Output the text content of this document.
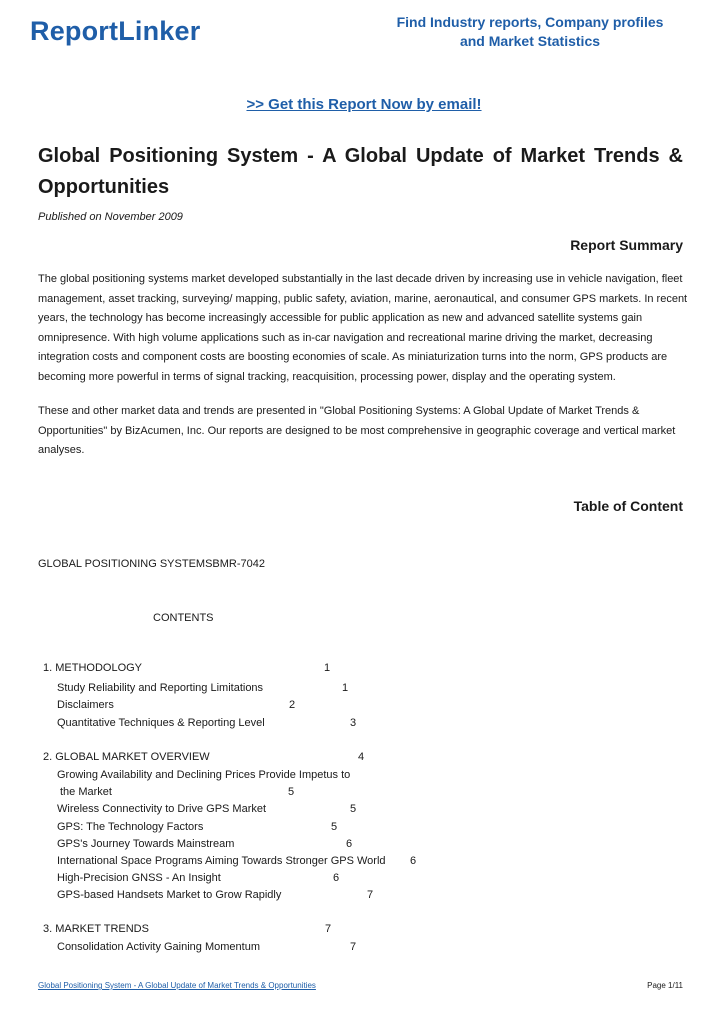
ReportLinker	Find Industry reports, Company profiles
and Market Statistics
>> Get this Report Now by email!
Global Positioning System - A Global Update of Market Trends & Opportunities
Published on November 2009
Report Summary
The global positioning systems market developed substantially in the last decade driven by increasing use in vehicle navigation, fleet management, asset tracking, surveying/ mapping, public safety, aviation, marine, aeronautical, and consumer GPS markets. In recent years, the technology has become increasingly accessible for public application as new and advanced satellite systems gain omnipresence. With high volume applications such as in-car navigation and recreational marine driving the market, decreasing integration costs and component costs are boosting economies of scale. As miniaturization turns into the norm, GPS products are becoming more powerful in terms of signal tracking, reacquisition, processing power, display and the operating system.
These and other market data and trends are presented in "Global Positioning Systems: A Global Update of Market Trends & Opportunities" by BizAcumen, Inc. Our reports are designed to be most comprehensive in geographic coverage and vertical market analyses.
Table of Content
GLOBAL POSITIONING SYSTEMSBMR-7042
CONTENTS
1. METHODOLOGY	1
Study Reliability and Reporting Limitations	1
Disclaimers	2
Quantitative Techniques & Reporting Level	3
2. GLOBAL MARKET OVERVIEW	4
Growing Availability and Declining Prices Provide Impetus to
the Market	5
Wireless Connectivity to Drive GPS Market	5
GPS: The Technology Factors	5
GPS's Journey Towards Mainstream	6
International Space Programs Aiming Towards Stronger GPS World 6
High-Precision GNSS - An Insight	6
GPS-based Handsets Market to Grow Rapidly	7
3. MARKET TRENDS	7
Consolidation Activity Gaining Momentum	7
Global Positioning System - A Global Update of Market Trends & Opportunities	Page 1/11
